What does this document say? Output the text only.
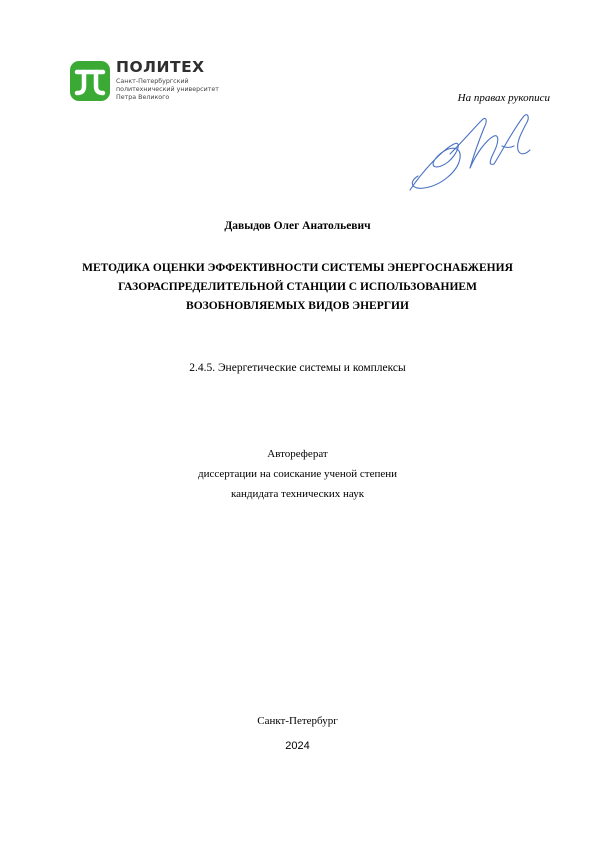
ПОЛИТЕХ
Санкт-Петербургский
политехнический университет
Петра Великого	На правах рукописи
Давыдов Олег Анатольевич
МЕТОДИКА ОЦЕНКИ ЭФФЕКТИВНОСТИ СИСТЕМЫ ЭНЕРГОСНАБЖЕНИЯ
ГАЗОРАСПРЕДЕЛИТЕЛЬНОЙ СТАНЦИИ С ИСПОЛЬЗОВАНИЕМ
ВОЗОБНОВЛЯЕМЫХ ВИДОВ ЭНЕРГИИ
2.4.5. Энергетические системы и комплексы
Автореферат
диссертации на соискание ученой степени
кандидата технических наук
Санкт-Петербург
2024
